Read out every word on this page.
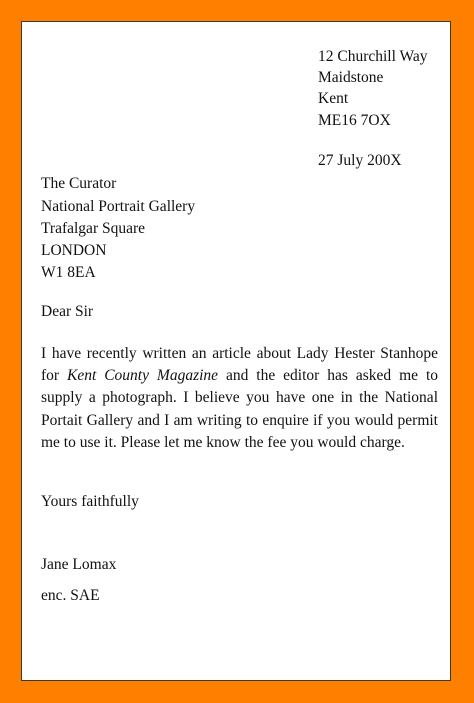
12 Churchill Way
Maidstone
Kent
ME16 7OX
27 July 200X
The Curator
National Portrait Gallery
Trafalgar Square
LONDON
W1 8EA
Dear Sir

I have recently written an article about Lady Hester Stanhope for Kent County Magazine and the editor has asked me to supply a photograph. I believe you have one in the National Portait Gallery and I am writing to enquire if you would permit me to use it. Please let me know the fee you would charge.

Yours faithfully
Jane Lomax
enc. SAE
